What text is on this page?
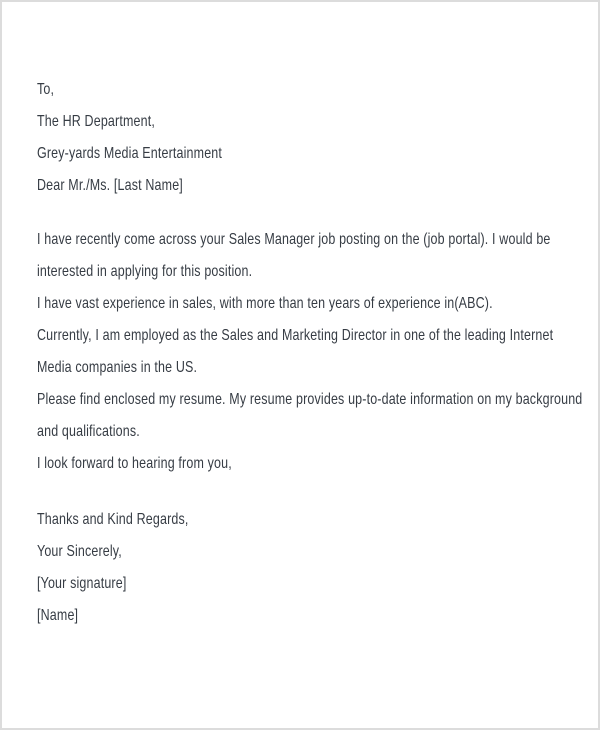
To,
The HR Department,
Grey-yards Media Entertainment
Dear Mr./Ms. [Last Name]
I have recently come across your Sales Manager job posting on the (job portal). I would be
interested in applying for this position.
I have vast experience in sales, with more than ten years of experience in(ABC).
Currently, I am employed as the Sales and Marketing Director in one of the leading Internet
Media companies in the US.
Please find enclosed my resume. My resume provides up-to-date information on my background
and qualifications.
I look forward to hearing from you,
Thanks and Kind Regards,
Your Sincerely,
[Your signature]
[Name]
